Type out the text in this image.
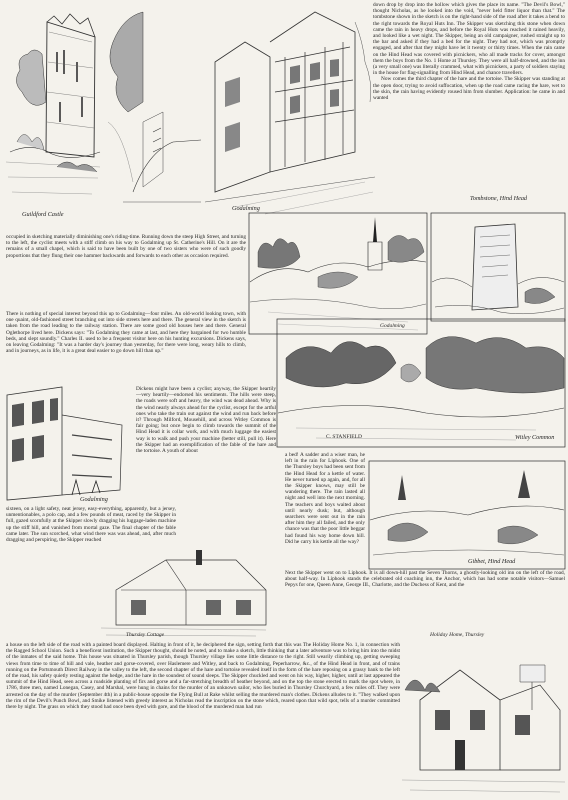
Guildford Castle
Godalming

down drop by drop into the hollow which gives the place its name. "The Devil's Bowl," thought Nicholas, as he looked into the void, "never held fitter liquor than that." The tombstone shown in the sketch is on the right-hand side of the road after it takes a bend to the right towards the Royal Huts Inn. The Skipper was sketching this stone when down came the rain in heavy drops, and before the Royal Huts was reached it rained heavily, and looked like a wet night. The Skipper, being an old campaigner, rushed straight up to the bar and asked if they had a bed for the night. They had not, which was promptly engaged, and after that they might have let it twenty or thirty times. When the rain came on the Hind Head was covered with picnickers, who all made tracks for cover, amongst them the boys from the No. 1 Home at Thursley. They were all half-drowned, and the inn (a very small one) was literally crammed, what with picnickers, a party of soldiers staying in the house for flag-signalling from Hind Head, and chance travellers.

Now comes the third chapter of the hare and the tortoise. The Skipper was standing at the open door, trying to avoid suffocation, when up the road came racing the hare, wet to the skin, the rain having evidently roused him from slumber. Application: he came in and wanted

Godalming
Tombstone, Hind Head

occupied in sketching materially diminishing one's riding-time. Running down the steep High Street, and turning to the left, the cyclist meets with a stiff climb on his way to Godalming up St. Catherine's Hill. On it are the remains of a small chapel, which is said to have been built by one of two sisters who were of such goodly proportions that they flung their one hammer backwards and forwards to each other as occasion required.

There is nothing of special interest beyond this up to Godalming—four miles. An old-world looking town, with one quaint, old-fashioned street branching out into side streets here and there. The general view in the sketch is taken from the road leading to the railway station. There are some good old houses here and there. General Oglethorpe lived here. Dickens says: "To Godalming they came at last, and here they bargained for two humble beds, and slept soundly." Charles II. used to be a frequent visitor here on his hunting excursions. Dickens says, on leaving Godalming: "It was a harder day's journey than yesterday, for there were long, weary hills to climb, and in journeys, as in life, it is a great deal easier to go down hill than up."

C. STANFIELD	Witley Common
Godalming

Dickens might have been a cyclist; anyway, the Skipper heartily—very heartily—endorsed his sentiments. The hills were steep, the roads were soft and heavy, the wind was dead ahead. Why is the wind nearly always ahead for the cyclist, except for the artful ones who take the train out against the wind and run back before it? Through Milford, Mousehill, and across Witley Common is fair going; but once begin to climb towards the summit of the Hind Head it is collar work, and with much luggage the easiest way is to walk and push your machine (better still, pull it). Here the Skipper had an exemplification of the fable of the hare and the tortoise. A youth of about

a bed! A sadder and a wiser man, he left in the rain for Liphook. One of the Thursley boys had been sent from the Hind Head for a kettle of water. He never turned up again, and, for all the Skipper knows, may still be wandering there. The rain lasted all night and well into the next morning. The teachers and boys waited about until nearly dusk; but, although searchers were sent out in the rain after him they all failed, and the only chance was that the poor little beggar had found his way home down hill. Did he carry his kettle all the way?

Gibbet, Hind Head

sixteen, on a light safety, neat jersey, easy-everything, apparently, but a jersey, unmentionables, a polo cap, and a few pounds of meat, raced by the Skipper in full, gazed scornfully at the Skipper slowly dragging his luggage-laden machine up the stiff hill, and vanished from mortal gaze. The final chapter of the fable came later. The sun scorched, what wind there was was ahead, and, after much dragging and perspiring, the Skipper reached

Thursley Cottage

Next the Skipper went on to Liphook. It is all down-hill past the Seven Thorns, a ghostly-looking old inn on the left of the road, about half-way. In Liphook stands the celebrated old coaching inn, the Anchor, which has had some notable visitors—Samuel Pepys for one, Queen Anne, George III., Charlotte, and the Duchess of Kent, and the

Holiday Home, Thursley

a house on the left side of the road with a painted board displayed. Halting in front of it, he deciphered the sign, setting forth that this was The Holiday Home No. 1, in connection with the Ragged School Union. Such a beneficent institution, the Skipper thought, should be noted, and to make a sketch, little thinking that a later adventure was to bring him into the midst of the inmates of the said home. This house was situated in Thursley parish, though Thursley village lies some little distance to the right. Still wearily climbing up, getting sweeping views from time to time of hill and vale, heather and gorse-covered, over Haslemere and Witley, and back to Godalming, Peperharrow, &c., of the Hind Head in front, and of trains running on the Portsmouth Direct Railway in the valley to the left, the second chapter of the hare and tortoise revealed itself in the form of the hare reposing on a grassy bank to the left of the road, his safety quietly resting against the hedge, and the hare in the soundest of sound sleeps. The Skipper chuckled and went on his way, higher, higher, until at last appeared the summit of the Hind Head, seen across a roadside planting of firs and gorse and a far-stretching breadth of heather beyond, and on the top the stone erected to mark the spot where, in 1786, three men, named Lonegan, Casey, and Marshal, were hung in chains for the murder of an unknown sailor, who lies buried in Thursley Churchyard, a few miles off. They were arrested on the day of the murder (September 4th) in a public-house opposite the Flying Bull at Rake whilst selling the murdered man's clothes. Dickens alludes to it. "They walked upon the rim of the Devil's Punch Bowl, and Smike listened with greedy interest as Nicholas read the inscription on the stone which, reared upon that wild spot, tells of a murder committed there by night. The grass on which they stood had once been dyed with gore, and the blood of the murdered man had run
